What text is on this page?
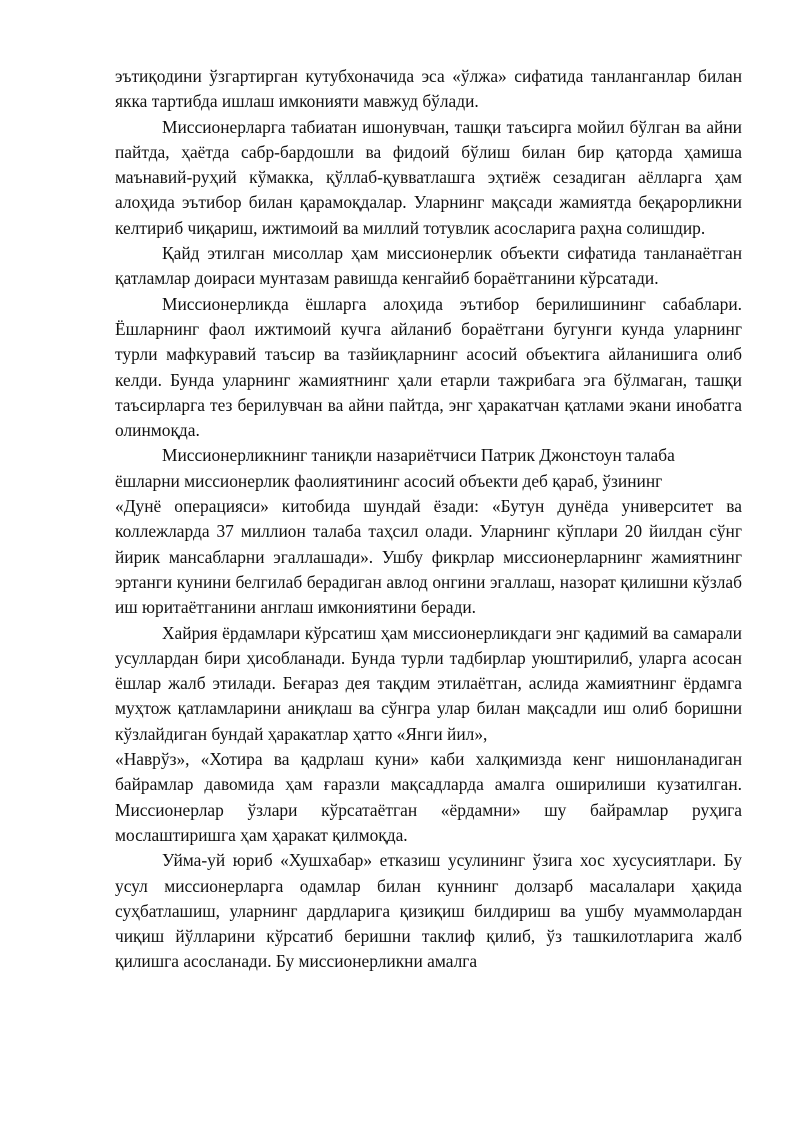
эътиқодини ўзгартирган кутубхоначида эса «ўлжа» сифатида танланганлар билан якка тартибда ишлаш имконияти мавжуд бўлади.

Миссионерларга табиатан ишонувчан, ташқи таъсирга мойил бўлган ва айни пайтда, ҳаётда сабр-бардошли ва фидоий бўлиш билан бир қаторда ҳамиша маънавий-руҳий кўмакка, қўллаб-қувватлашга эҳтиёж сезадиган аёлларга ҳам алоҳида эътибор билан қарамоқдалар. Уларнинг мақсади жамиятда беқарорликни келтириб чиқариш, ижтимоий ва миллий тотувлик асосларига раҳна солишдир.

Қайд этилган мисоллар ҳам миссионерлик объекти сифатида танланаётган қатламлар доираси мунтазам равишда кенгайиб бораётганини кўрсатади.

Миссионерликда ёшларга алоҳида эътибор берилишининг сабаблари. Ёшларнинг фаол ижтимоий кучга айланиб бораётгани бугунги кунда уларнинг турли мафкуравий таъсир ва тазйиқларнинг асосий объектига айланишига олиб келди. Бунда уларнинг жамиятнинг ҳали етарли тажрибага эга бўлмаган, ташқи таъсирларга тез берилувчан ва айни пайтда, энг ҳаракатчан қатлами экани инобатга олинмоқда.

Миссионерликнинг таниқли назариётчиси Патрик Джонстоун талаба ёшларни миссионерлик фаолиятининг асосий объекти деб қараб, ўзининг

«Дунё операцияси» китобида шундай ёзади: «Бутун дунёда университет ва коллежларда 37 миллион талаба таҳсил олади. Уларнинг кўплари 20 йилдан сўнг йирик мансабларни эгаллашади». Ушбу фикрлар миссионерларнинг жамиятнинг эртанги кунини белгилаб берадиган авлод онгини эгаллаш, назорат қилишни кўзлаб иш юритаётганини англаш имкониятини беради.

Хайрия ёрдамлари кўрсатиш ҳам миссионерликдаги энг қадимий ва самарали усуллардан бири ҳисобланади. Бунда турли тадбирлар уюштирилиб, уларга асосан ёшлар жалб этилади. Беғараз дея тақдим этилаётган, аслида жамиятнинг ёрдамга муҳтож қатламларини аниқлаш ва сўнгра улар билан мақсадли иш олиб боришни кўзлайдиган бундай ҳаракатлар ҳатто «Янги йил»,

«Наврўз», «Хотира ва қадрлаш куни» каби халқимизда кенг нишонланадиган байрамлар давомида ҳам ғаразли мақсадларда амалга оширилиши кузатилган. Миссионерлар ўзлари кўрсатаётган «ёрдамни» шу байрамлар руҳига мослаштиришга ҳам ҳаракат қилмоқда.

Уйма-уй юриб «Хушхабар» етказиш усулининг ўзига хос хусусиятлари. Бу усул миссионерларга одамлар билан куннинг долзарб масалалари ҳақида суҳбатлашиш, уларнинг дардларига қизиқиш билдириш ва ушбу муаммолардан чиқиш йўлларини кўрсатиб беришни таклиф қилиб, ўз ташкилотларига жалб қилишга асосланади. Бу миссионерликни амалга
